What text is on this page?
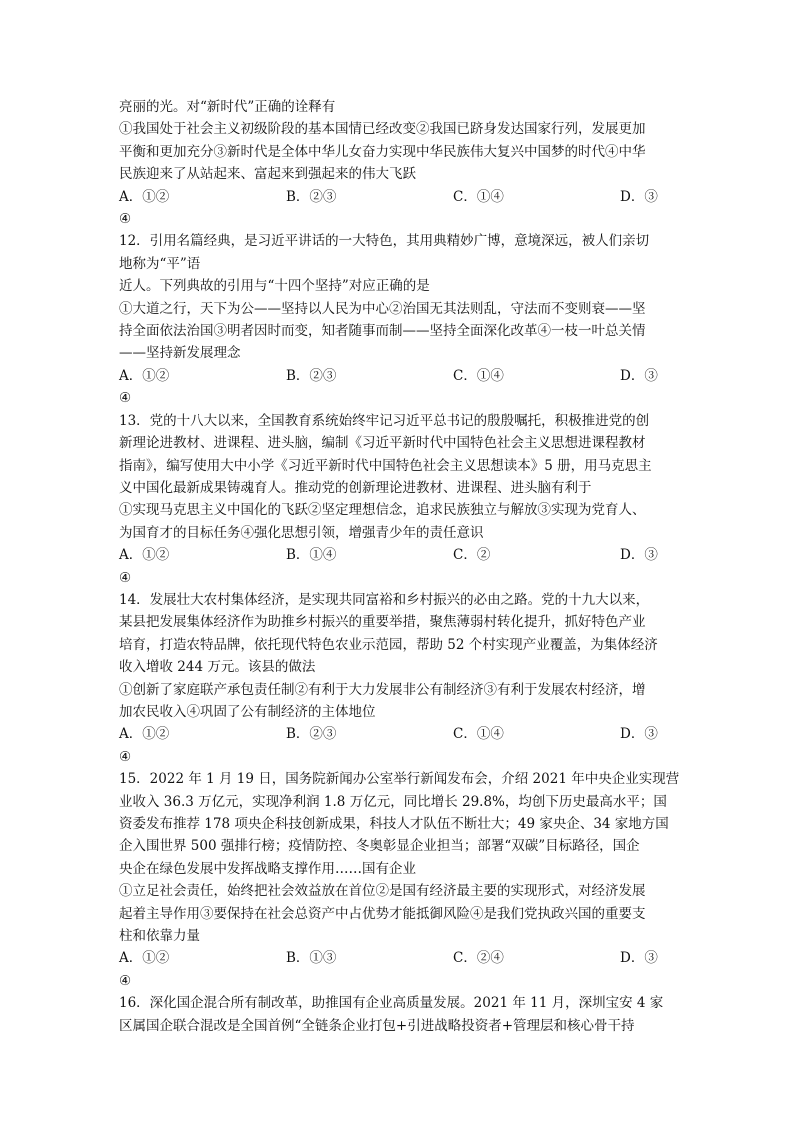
亮丽的光。对“新时代”正确的诠释有
①我国处于社会主义初级阶段的基本国情已经改变②我国已跻身发达国家行列，发展更加
平衡和更加充分③新时代是全体中华儿女奋力实现中华民族伟大复兴中国梦的时代④中华
民族迎来了从站起来、富起来到强起来的伟大飞跃
A．①②	B．②③	C．①④	D．③
④
12．引用名篇经典，是习近平讲话的一大特色，其用典精妙广博，意境深远，被人们亲切
地称为“平”语
近人。下列典故的引用与“十四个坚持”对应正确的是
①大道之行，天下为公——坚持以人民为中心②治国无其法则乱，守法而不变则衰——坚
持全面依法治国③明者因时而变，知者随事而制——坚持全面深化改革④一枝一叶总关情
——坚持新发展理念
A．①②	B．②③	C．①④	D．③
④
13．党的十八大以来，全国教育系统始终牢记习近平总书记的殷殷嘱托，积极推进党的创
新理论进教材、进课程、进头脑，编制《习近平新时代中国特色社会主义思想进课程教材
指南》，编写使用大中小学《习近平新时代中国特色社会主义思想读本》5 册，用马克思主
义中国化最新成果铸魂育人。推动党的创新理论进教材、进课程、进头脑有利于
①实现马克思主义中国化的飞跃②坚定理想信念，追求民族独立与解放③实现为党育人、
为国育才的目标任务④强化思想引领，增强青少年的责任意识
A．①②	B．①④	C．②	D．③
④
14．发展壮大农村集体经济，是实现共同富裕和乡村振兴的必由之路。党的十九大以来，
某县把发展集体经济作为助推乡村振兴的重要举措，聚焦薄弱村转化提升，抓好特色产业
培育，打造农特品牌，依托现代特色农业示范园，帮助 52 个村实现产业覆盖，为集体经济
收入增收 244 万元。该县的做法
①创新了家庭联产承包责任制②有利于大力发展非公有制经济③有利于发展农村经济，增
加农民收入④巩固了公有制经济的主体地位
A．①②	B．②③	C．①④	D．③
④
15．2022 年 1 月 19 日，国务院新闻办公室举行新闻发布会，介绍 2021 年中央企业实现营
业收入 36.3 万亿元，实现净利润 1.8 万亿元，同比增长 29.8%，均创下历史最高水平；国
资委发布推荐 178 项央企科技创新成果，科技人才队伍不断壮大；49 家央企、34 家地方国
企入围世界 500 强排行榜；疫情防控、冬奥彰显企业担当；部署“双碳”目标路径，国企
央企在绿色发展中发挥战略支撑作用……国有企业
①立足社会责任，始终把社会效益放在首位②是国有经济最主要的实现形式，对经济发展
起着主导作用③要保持在社会总资产中占优势才能抵御风险④是我们党执政兴国的重要支
柱和依靠力量
A．①②	B．①③	C．②④	D．③
④
16．深化国企混合所有制改革，助推国有企业高质量发展。2021 年 11 月，深圳宝安 4 家
区属国企联合混改是全国首例“全链条企业打包+引进战略投资者+管理层和核心骨干持
